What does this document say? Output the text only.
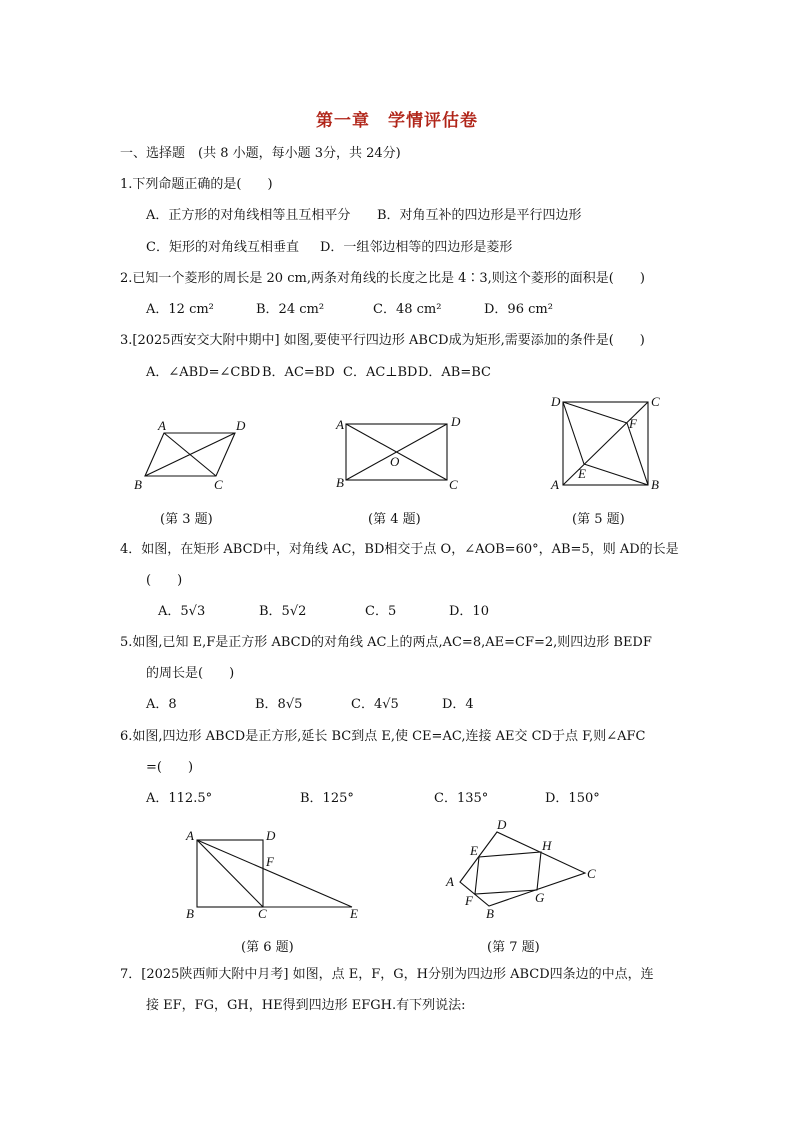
第一章　学情评估卷
一、选择题　(共 8 小题，每小题 3分，共 24分)
1.下列命题正确的是(　　)
A．正方形的对角线相等且互相平分 B．对角互补的四边形是平行四边形
C．矩形的对角线互相垂直 D．一组邻边相等的四边形是菱形
2.已知一个菱形的周长是 20 cm,两条对角线的长度之比是 4∶3,则这个菱形的面积是(　　)
A．12 cm²	B．24 cm²	C．48 cm²	D．96 cm²
3.[2025西安交大附中期中] 如图,要使平行四边形 ABCD成为矩形,需要添加的条件是(　　)
A．∠ABD=∠CBD B．AC=BD C．AC⊥BD D．AB=BC
A	D
B	C
A	D
B	C
O
D	C
A	B
E
F
(第 3 题)	(第 4 题)	(第 5 题)
4．如图，在矩形 ABCD中，对角线 AC，BD相交于点 O，∠AOB=60°，AB=5，则 AD的长是
(　　)
A．5√3	B．5√2	C．5	D．10
5.如图,已知 E,F是正方形 ABCD的对角线 AC上的两点,AC=8,AE=CF=2,则四边形 BEDF
的周长是(　　)
A．8	B．8√5	C．4√5	D．4
6.如图,四边形 ABCD是正方形,延长 BC到点 E,使 CE=AC,连接 AE交 CD于点 F,则∠AFC
=(　　)
A．112.5°	B．125°	C．135°	D．150°
A	D
F
B	C	E
D
E	H
A
C
G
F
B
(第 6 题)	(第 7 题)
7．[2025陕西师大附中月考] 如图，点 E，F，G，H分别为四边形 ABCD四条边的中点，连
接 EF，FG，GH，HE得到四边形 EFGH.有下列说法:
